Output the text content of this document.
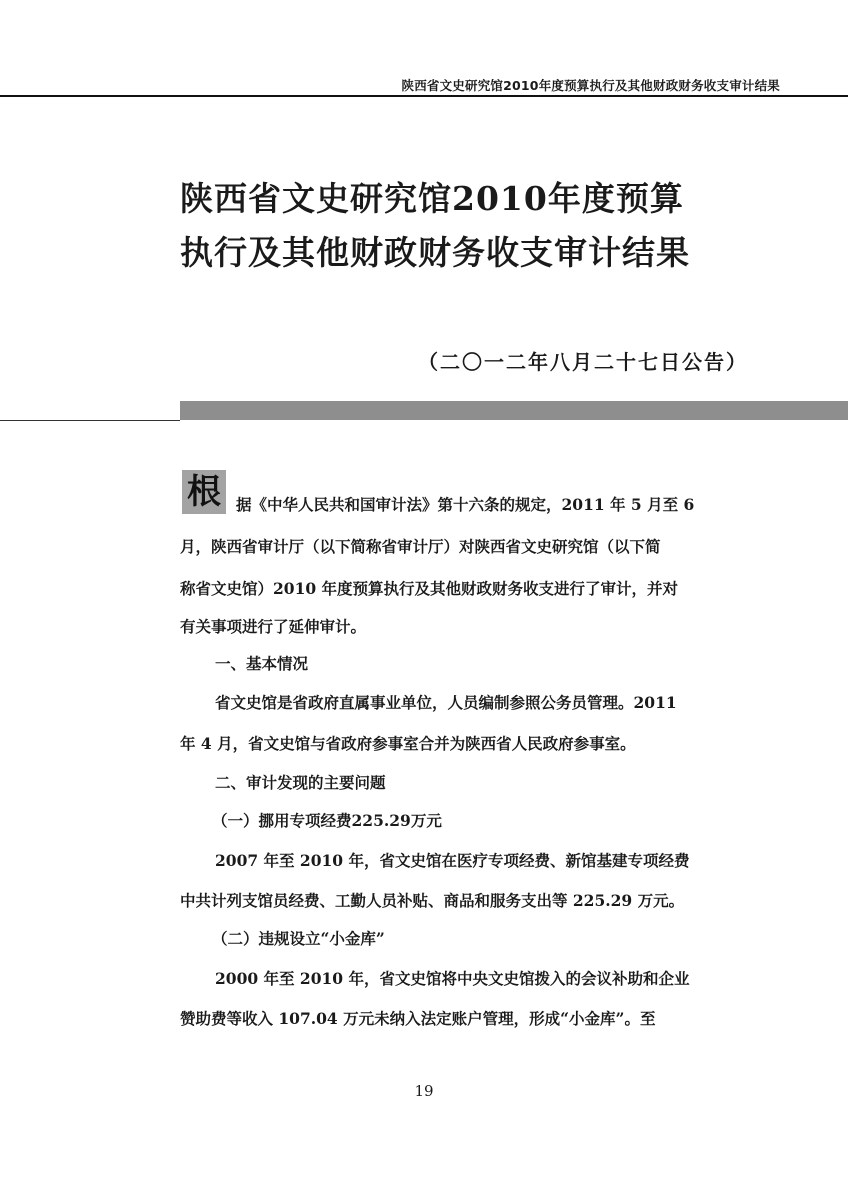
陕西省文史研究馆2010年度预算执行及其他财政财务收支审计结果
陕西省文史研究馆2010年度预算
执行及其他财政财务收支审计结果
（二〇一二年八月二十七日公告）
根 据《中华人民共和国审计法》第十六条的规定，2011 年 5 月至 6
月，陕西省审计厅（以下简称省审计厅）对陕西省文史研究馆（以下简
称省文史馆）2010 年度预算执行及其他财政财务收支进行了审计，并对
有关事项进行了延伸审计。
一、基本情况
省文史馆是省政府直属事业单位，人员编制参照公务员管理。2011
年 4 月，省文史馆与省政府参事室合并为陕西省人民政府参事室。
二、审计发现的主要问题
（一）挪用专项经费225.29万元
2007 年至 2010 年，省文史馆在医疗专项经费、新馆基建专项经费
中共计列支馆员经费、工勤人员补贴、商品和服务支出等 225.29 万元。
（二）违规设立“小金库”
2000 年至 2010 年，省文史馆将中央文史馆拨入的会议补助和企业
赞助费等收入 107.04 万元未纳入法定账户管理，形成“小金库”。至
19
